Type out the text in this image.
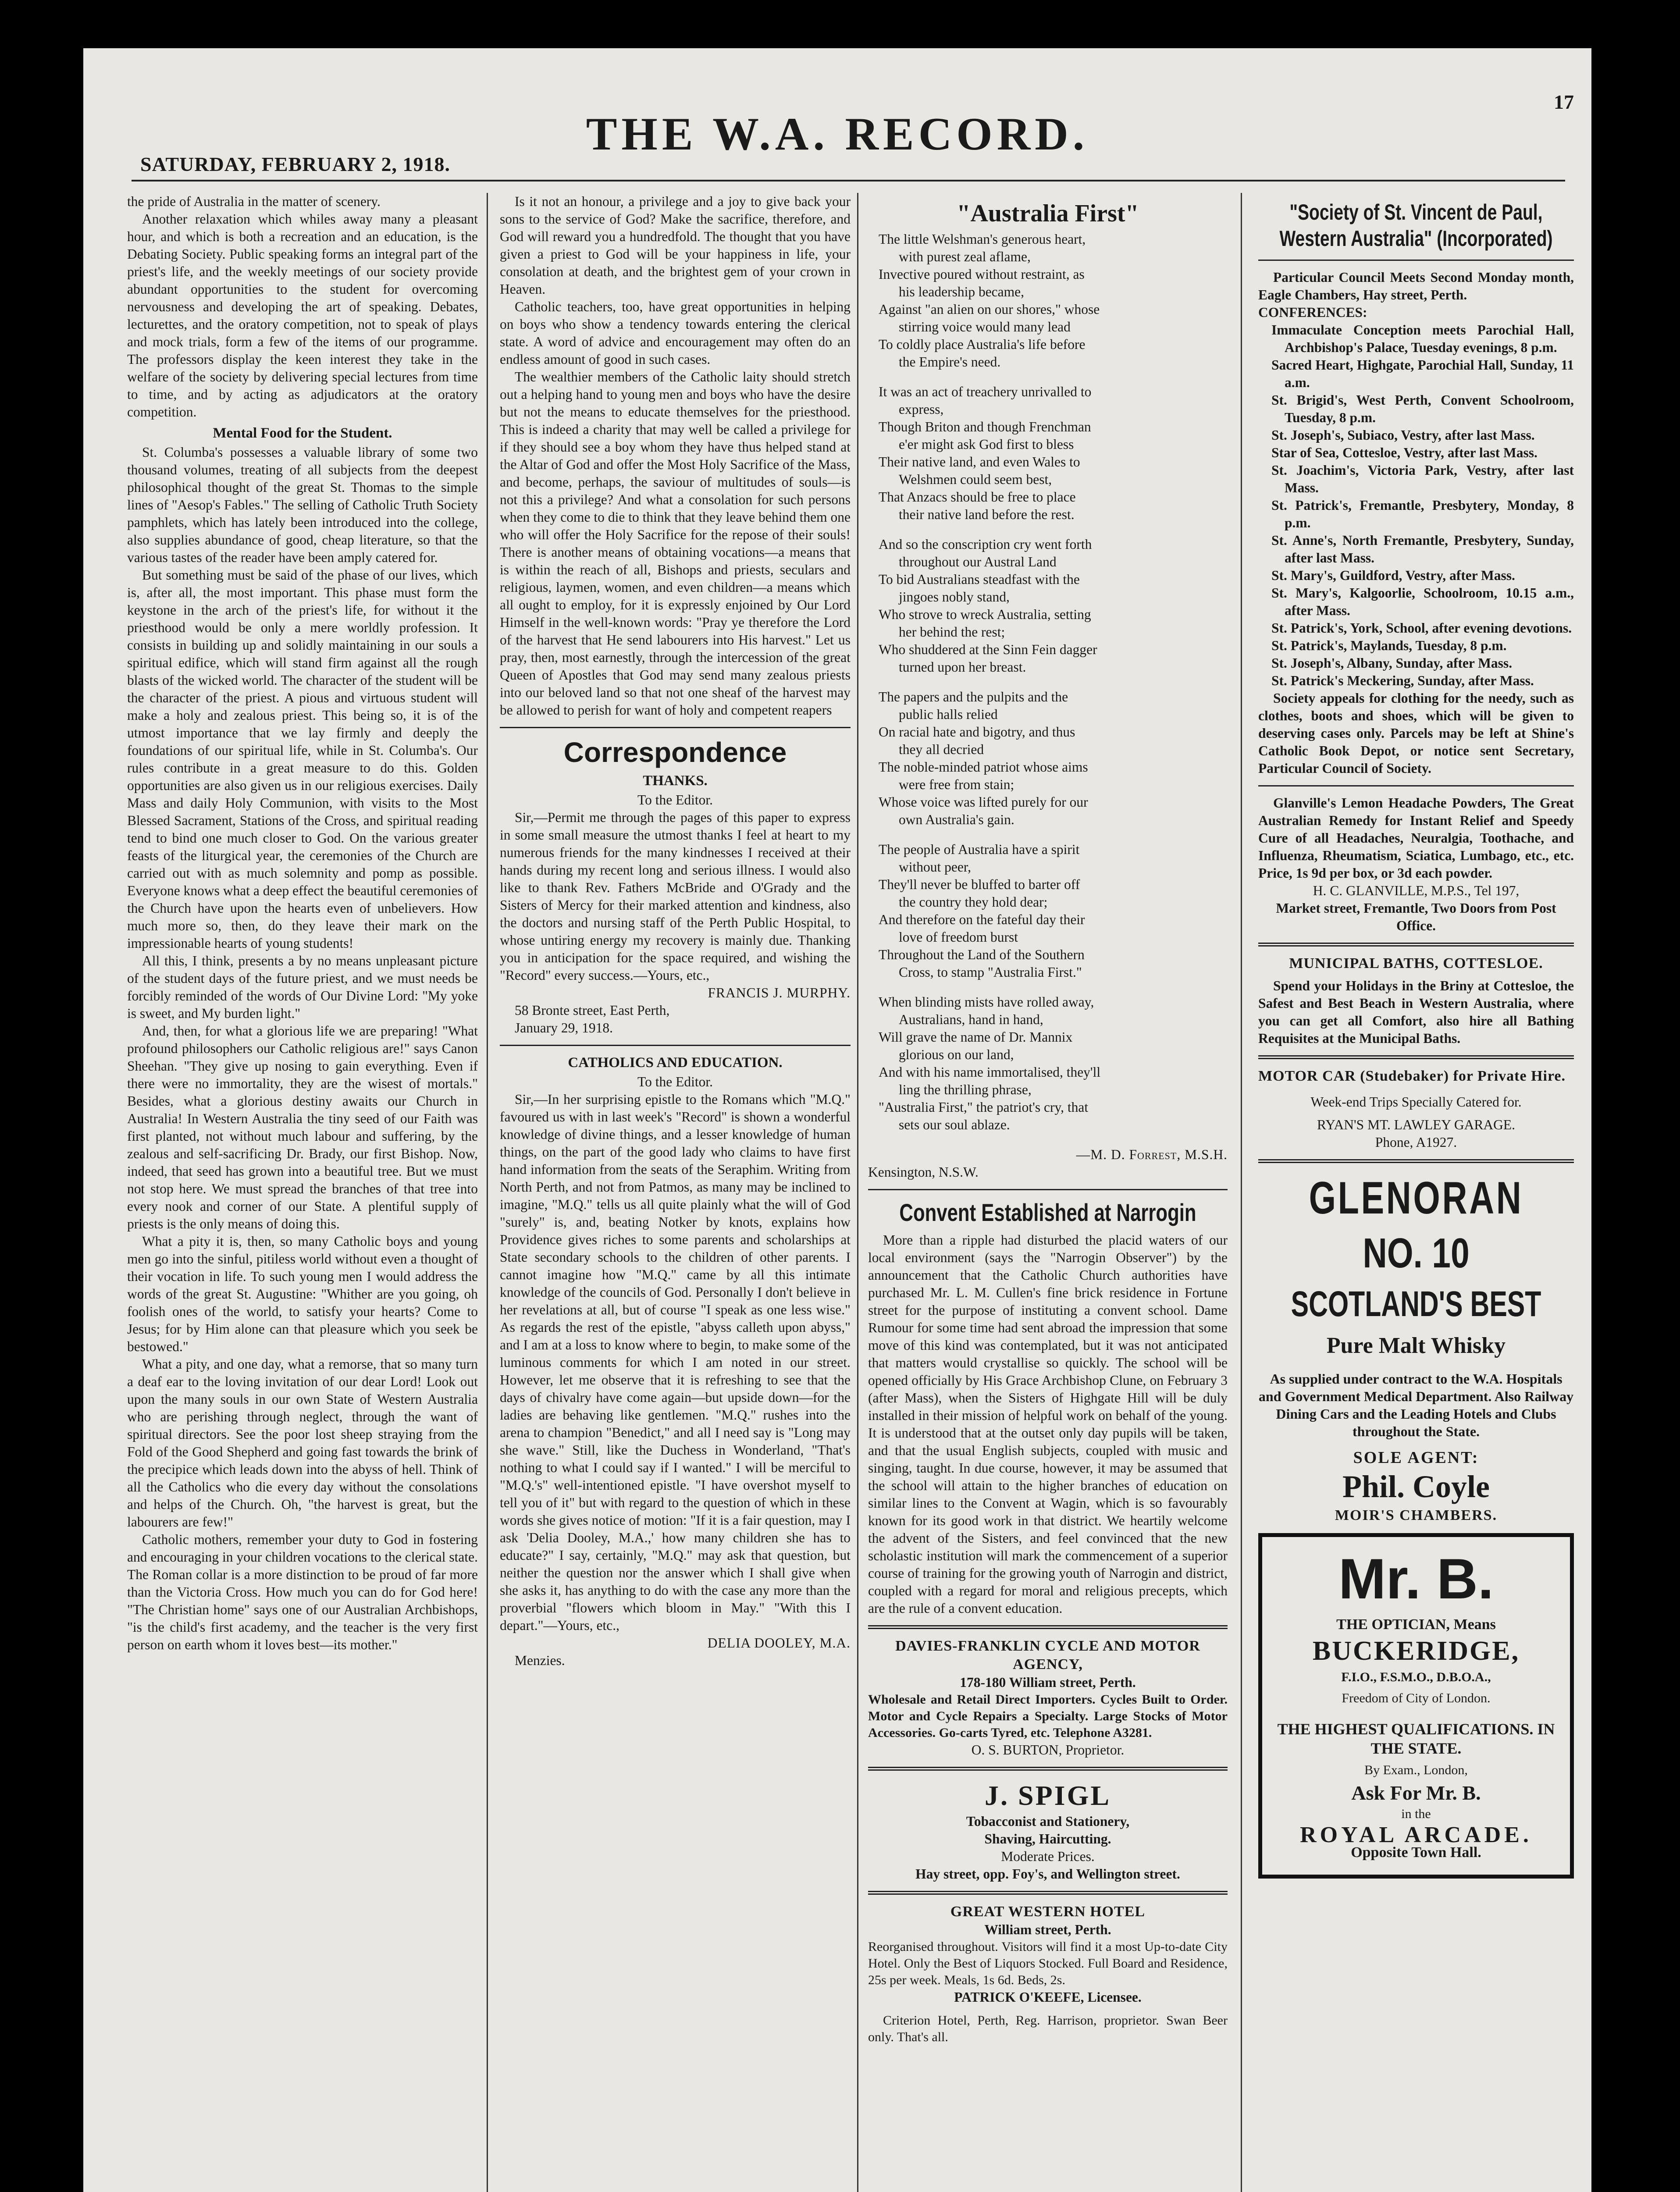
17
THE W.A. RECORD.
SATURDAY, FEBRUARY 2, 1918.

the pride of Australia in the matter of scenery.

Another relaxation which whiles away many a pleasant hour, and which is both a recreation and an education, is the Debating Society. Public speaking forms an integral part of the priest's life, and the weekly meetings of our society provide abundant opportunities to the student for overcoming nervousness and developing the art of speaking. Debates, lecturettes, and the oratory competition, not to speak of plays and mock trials, form a few of the items of our programme. The professors display the keen interest they take in the welfare of the society by delivering special lectures from time to time, and by acting as adjudicators at the oratory competition.

Mental Food for the Student.

St. Columba's possesses a valuable library of some two thousand volumes, treating of all subjects from the deepest philosophical thought of the great St. Thomas to the simple lines of "Aesop's Fables." The selling of Catholic Truth Society pamphlets, which has lately been introduced into the college, also supplies abundance of good, cheap literature, so that the various tastes of the reader have been amply catered for.

But something must be said of the phase of our lives, which is, after all, the most important. This phase must form the keystone in the arch of the priest's life, for without it the priesthood would be only a mere worldly profession. It consists in building up and solidly maintaining in our souls a spiritual edifice, which will stand firm against all the rough blasts of the wicked world. The character of the student will be the character of the priest. A pious and virtuous student will make a holy and zealous priest. This being so, it is of the utmost importance that we lay firmly and deeply the foundations of our spiritual life, while in St. Columba's. Our rules contribute in a great measure to do this. Golden opportunities are also given us in our religious exercises. Daily Mass and daily Holy Communion, with visits to the Most Blessed Sacrament, Stations of the Cross, and spiritual reading tend to bind one much closer to God. On the various greater feasts of the liturgical year, the ceremonies of the Church are carried out with as much solemnity and pomp as possible. Everyone knows what a deep effect the beautiful ceremonies of the Church have upon the hearts even of unbelievers. How much more so, then, do they leave their mark on the impressionable hearts of young students!

All this, I think, presents a by no means unpleasant picture of the student days of the future priest, and we must needs be forcibly reminded of the words of Our Divine Lord: "My yoke is sweet, and My burden light."

And, then, for what a glorious life we are preparing! "What profound philosophers our Catholic religious are!" says Canon Sheehan. "They give up nosing to gain everything. Even if there were no immortality, they are the wisest of mortals." Besides, what a glorious destiny awaits our Church in Australia! In Western Australia the tiny seed of our Faith was first planted, not without much labour and suffering, by the zealous and self-sacrificing Dr. Brady, our first Bishop. Now, indeed, that seed has grown into a beautiful tree. But we must not stop here. We must spread the branches of that tree into every nook and corner of our State. A plentiful supply of priests is the only means of doing this.

What a pity it is, then, so many Catholic boys and young men go into the sinful, pitiless world without even a thought of their vocation in life. To such young men I would address the words of the great St. Augustine: "Whither are you going, oh foolish ones of the world, to satisfy your hearts? Come to Jesus; for by Him alone can that pleasure which you seek be bestowed."

What a pity, and one day, what a remorse, that so many turn a deaf ear to the loving invitation of our dear Lord! Look out upon the many souls in our own State of Western Australia who are perishing through neglect, through the want of spiritual directors. See the poor lost sheep straying from the Fold of the Good Shepherd and going fast towards the brink of the precipice which leads down into the abyss of hell. Think of all the Catholics who die every day without the consolations and helps of the Church. Oh, "the harvest is great, but the labourers are few!"

Catholic mothers, remember your duty to God in fostering and encouraging in your children vocations to the clerical state. The Roman collar is a more distinction to be proud of far more than the Victoria Cross. How much you can do for God here! "The Christian home" says one of our Australian Archbishops, "is the child's first academy, and the teacher is the very first person on earth whom it loves best—its mother."

Is it not an honour, a privilege and a joy to give back your sons to the service of God? Make the sacrifice, therefore, and God will reward you a hundredfold. The thought that you have given a priest to God will be your happiness in life, your consolation at death, and the brightest gem of your crown in Heaven.

Catholic teachers, too, have great opportunities in helping on boys who show a tendency towards entering the clerical state. A word of advice and encouragement may often do an endless amount of good in such cases.

The wealthier members of the Catholic laity should stretch out a helping hand to young men and boys who have the desire but not the means to educate themselves for the priesthood. This is indeed a charity that may well be called a privilege for if they should see a boy whom they have thus helped stand at the Altar of God and offer the Most Holy Sacrifice of the Mass, and become, perhaps, the saviour of multitudes of souls—is not this a privilege? And what a consolation for such persons when they come to die to think that they leave behind them one who will offer the Holy Sacrifice for the repose of their souls! There is another means of obtaining vocations—a means that is within the reach of all, Bishops and priests, seculars and religious, laymen, women, and even children—a means which all ought to employ, for it is expressly enjoined by Our Lord Himself in the well-known words: "Pray ye therefore the Lord of the harvest that He send labourers into His harvest." Let us pray, then, most earnestly, through the intercession of the great Queen of Apostles that God may send many zealous priests into our beloved land so that not one sheaf of the harvest may be allowed to perish for want of holy and competent reapers

Correspondence
THANKS.
To the Editor.

Sir,—Permit me through the pages of this paper to express in some small measure the utmost thanks I feel at heart to my numerous friends for the many kindnesses I received at their hands during my recent long and serious illness. I would also like to thank Rev. Fathers McBride and O'Grady and the Sisters of Mercy for their marked attention and kindness, also the doctors and nursing staff of the Perth Public Hospital, to whose untiring energy my recovery is mainly due. Thanking you in anticipation for the space required, and wishing the "Record" every success.—Yours, etc.,

FRANCIS J. MURPHY.
58 Bronte street, East Perth,
January 29, 1918.
CATHOLICS AND EDUCATION.
To the Editor.

Sir,—In her surprising epistle to the Romans which "M.Q." favoured us with in last week's "Record" is shown a wonderful knowledge of divine things, and a lesser knowledge of human things, on the part of the good lady who claims to have first hand information from the seats of the Seraphim. Writing from North Perth, and not from Patmos, as many may be inclined to imagine, "M.Q." tells us all quite plainly what the will of God "surely" is, and, beating Notker by knots, explains how Providence gives riches to some parents and scholarships at State secondary schools to the children of other parents. I cannot imagine how "M.Q." came by all this intimate knowledge of the councils of God. Personally I don't believe in her revelations at all, but of course "I speak as one less wise." As regards the rest of the epistle, "abyss calleth upon abyss," and I am at a loss to know where to begin, to make some of the luminous comments for which I am noted in our street. However, let me observe that it is refreshing to see that the days of chivalry have come again—but upside down—for the ladies are behaving like gentlemen. "M.Q." rushes into the arena to champion "Benedict," and all I need say is "Long may she wave." Still, like the Duchess in Wonderland, "That's nothing to what I could say if I wanted." I will be merciful to "M.Q.'s" well-intentioned epistle. "I have overshot myself to tell you of it" but with regard to the question of which in these words she gives notice of motion: "If it is a fair question, may I ask 'Delia Dooley, M.A.,' how many children she has to educate?" I say, certainly, "M.Q." may ask that question, but neither the question nor the answer which I shall give when she asks it, has anything to do with the case any more than the proverbial "flowers which bloom in May." "With this I depart."—Yours, etc.,

DELIA DOOLEY, M.A.
Menzies.
"Australia First"

The little Welshman's generous heart,

with purest zeal aflame,

Invective poured without restraint, as

his leadership became,

Against "an alien on our shores," whose

stirring voice would many lead

To coldly place Australia's life before

the Empire's need.

It was an act of treachery unrivalled to

express,

Though Briton and though Frenchman

e'er might ask God first to bless

Their native land, and even Wales to

Welshmen could seem best,

That Anzacs should be free to place

their native land before the rest.

And so the conscription cry went forth

throughout our Austral Land

To bid Australians steadfast with the

jingoes nobly stand,

Who strove to wreck Australia, setting

her behind the rest;

Who shuddered at the Sinn Fein dagger

turned upon her breast.

The papers and the pulpits and the

public halls relied

On racial hate and bigotry, and thus

they all decried

The noble-minded patriot whose aims

were free from stain;

Whose voice was lifted purely for our

own Australia's gain.

The people of Australia have a spirit

without peer,

They'll never be bluffed to barter off

the country they hold dear;

And therefore on the fateful day their

love of freedom burst

Throughout the Land of the Southern

Cross, to stamp "Australia First."

When blinding mists have rolled away,

Australians, hand in hand,

Will grave the name of Dr. Mannix

glorious on our land,

And with his name immortalised, they'll

ling the thrilling phrase,

"Australia First," the patriot's cry, that

sets our soul ablaze.

—M. D. Forrest, M.S.H.
Kensington, N.S.W.
Convent Established at Narrogin

More than a ripple had disturbed the placid waters of our local environment (says the "Narrogin Observer") by the announcement that the Catholic Church authorities have purchased Mr. L. M. Cullen's fine brick residence in Fortune street for the purpose of instituting a convent school. Dame Rumour for some time had sent abroad the impression that some move of this kind was contemplated, but it was not anticipated that matters would crystallise so quickly. The school will be opened officially by His Grace Archbishop Clune, on February 3 (after Mass), when the Sisters of Highgate Hill will be duly installed in their mission of helpful work on behalf of the young. It is understood that at the outset only day pupils will be taken, and that the usual English subjects, coupled with music and singing, taught. In due course, however, it may be assumed that the school will attain to the higher branches of education on similar lines to the Convent at Wagin, which is so favourably known for its good work in that district. We heartily welcome the advent of the Sisters, and feel convinced that the new scholastic institution will mark the commencement of a superior course of training for the growing youth of Narrogin and district, coupled with a regard for moral and religious precepts, which are the rule of a convent education.

DAVIES-FRANKLIN CYCLE AND MOTOR AGENCY,
178-180 William street, Perth.
Wholesale and Retail Direct Importers. Cycles Built to Order. Motor and Cycle Repairs a Specialty. Large Stocks of Motor Accessories. Go-carts Tyred, etc. Telephone A3281.
O. S. BURTON, Proprietor.
J. SPIGL
Tobacconist and Stationery,
Shaving, Haircutting.
Moderate Prices.
Hay street, opp. Foy's, and Wellington street.
GREAT WESTERN HOTEL
William street, Perth.
Reorganised throughout. Visitors will find it a most Up-to-date City Hotel. Only the Best of Liquors Stocked. Full Board and Residence, 25s per week. Meals, 1s 6d. Beds, 2s.
PATRICK O'KEEFE, Licensee.
Criterion Hotel, Perth, Reg. Harrison, proprietor. Swan Beer only. That's all.
"Society of St. Vincent de Paul, Western Australia" (Incorporated)

Particular Council Meets Second Monday month, Eagle Chambers, Hay street, Perth.

CONFERENCES:
Immaculate Conception meets Parochial Hall, Archbishop's Palace, Tuesday evenings, 8 p.m.
Sacred Heart, Highgate, Parochial Hall, Sunday, 11 a.m.
St. Brigid's, West Perth, Convent Schoolroom, Tuesday, 8 p.m.
St. Joseph's, Subiaco, Vestry, after last Mass.
Star of Sea, Cottesloe, Vestry, after last Mass.
St. Joachim's, Victoria Park, Vestry, after last Mass.
St. Patrick's, Fremantle, Presbytery, Monday, 8 p.m.
St. Anne's, North Fremantle, Presbytery, Sunday, after last Mass.
St. Mary's, Guildford, Vestry, after Mass.
St. Mary's, Kalgoorlie, Schoolroom, 10.15 a.m., after Mass.
St. Patrick's, York, School, after evening devotions.
St. Patrick's, Maylands, Tuesday, 8 p.m.
St. Joseph's, Albany, Sunday, after Mass.
St. Patrick's Meckering, Sunday, after Mass.

Society appeals for clothing for the needy, such as clothes, boots and shoes, which will be given to deserving cases only. Parcels may be left at Shine's Catholic Book Depot, or notice sent Secretary, Particular Council of Society.

Glanville's Lemon Headache Powders, The Great Australian Remedy for Instant Relief and Speedy Cure of all Headaches, Neuralgia, Toothache, and Influenza, Rheumatism, Sciatica, Lumbago, etc., etc. Price, 1s 9d per box, or 3d each powder.

H. C. GLANVILLE, M.P.S., Tel 197,
Market street, Fremantle, Two Doors from Post Office.
MUNICIPAL BATHS, COTTESLOE.

Spend your Holidays in the Briny at Cottesloe, the Safest and Best Beach in Western Australia, where you can get all Comfort, also hire all Bathing Requisites at the Municipal Baths.

MOTOR CAR (Studebaker) for Private Hire.
Week-end Trips Specially Catered for.
RYAN'S MT. LAWLEY GARAGE.
Phone, A1927.
GLENORAN
NO. 10
SCOTLAND'S BEST
Pure Malt Whisky
As supplied under contract to the W.A. Hospitals and Government Medical Department. Also Railway Dining Cars and the Leading Hotels and Clubs throughout the State.
SOLE AGENT:
Phil. Coyle
MOIR'S CHAMBERS.
Mr. B.
THE OPTICIAN, Means
BUCKERIDGE,
F.I.O., F.S.M.O., D.B.O.A.,
Freedom of City of London.
THE HIGHEST QUALIFICATIONS. IN THE STATE.
By Exam., London,
Ask For Mr. B.
in the
ROYAL ARCADE.
Opposite Town Hall.
